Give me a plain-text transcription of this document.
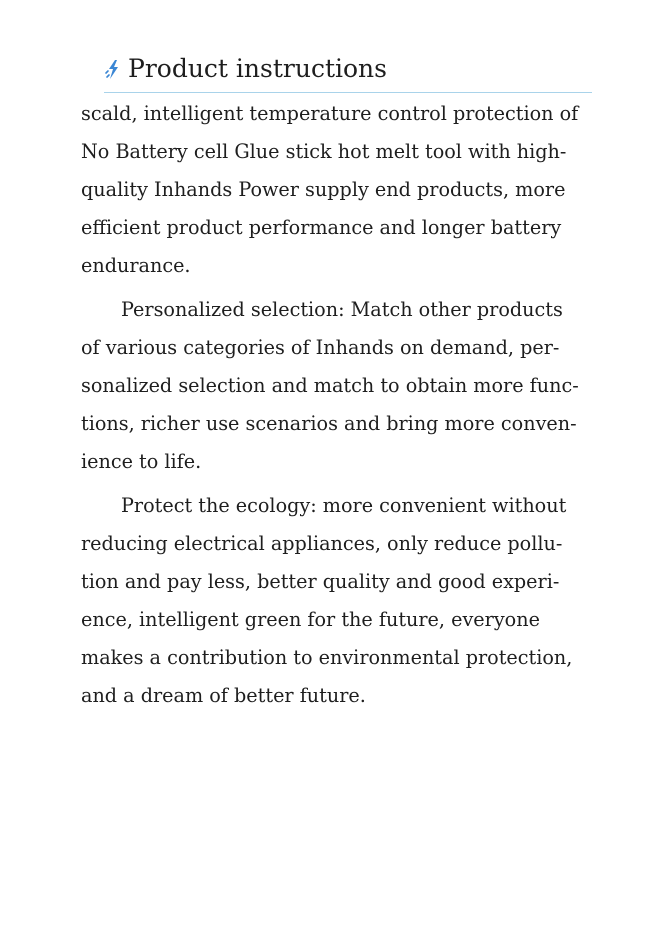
Product instructions
scald, intelligent temperature control protection of
No Battery cell Glue stick hot melt tool with high-
quality Inhands Power supply end products, more
efficient product performance and longer battery
endurance.
Personalized selection: Match other products
of various categories of Inhands on demand, per-
sonalized selection and match to obtain more func-
tions, richer use scenarios and bring more conven-
ience to life.
Protect the ecology: more convenient without
reducing electrical appliances, only reduce pollu-
tion and pay less, better quality and good experi-
ence, intelligent green for the future, everyone
makes a contribution to environmental protection,
and a dream of better future.
